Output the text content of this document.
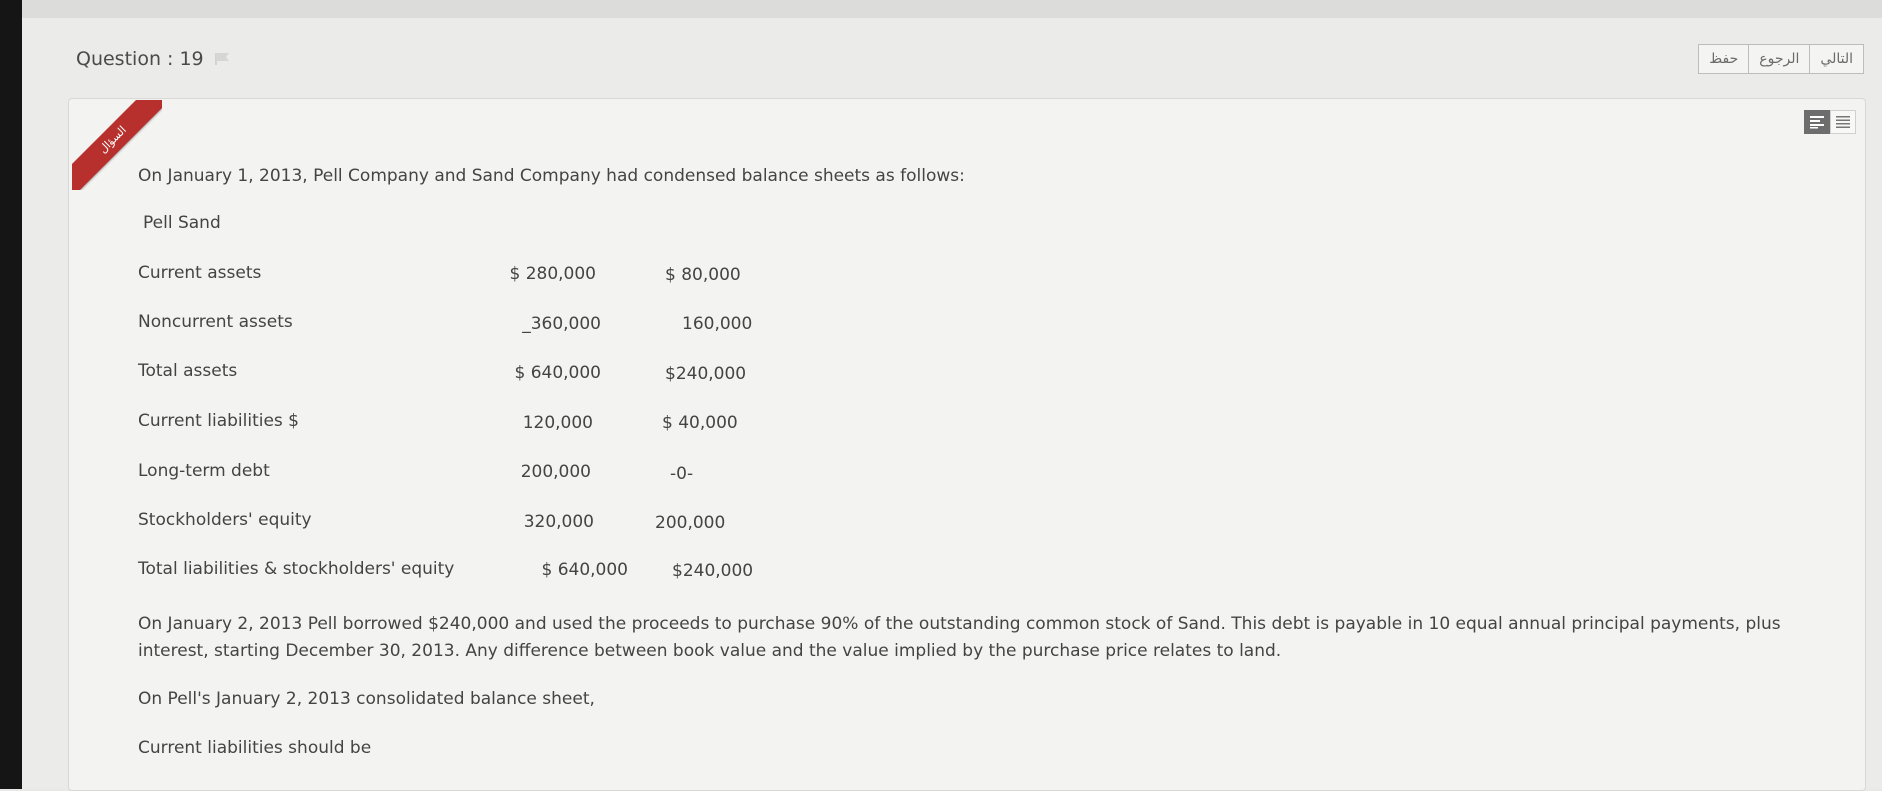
Question : 19	حفظ	الرجوع	التالي
السؤال
On January 1, 2013, Pell Company and Sand Company had condensed balance sheets as follows:
Pell Sand
Current assets	$ 280,000	$ 80,000
Noncurrent assets	_360,000	160,000
Total assets	$ 640,000	$240,000
Current liabilities $	120,000	$ 40,000
Long-term debt	200,000	-0-
Stockholders' equity	320,000	200,000
Total liabilities & stockholders' equity	$ 640,000	$240,000
On January 2, 2013 Pell borrowed $240,000 and used the proceeds to purchase 90% of the outstanding common stock of Sand. This debt is payable in 10 equal annual principal payments, plus
interest, starting December 30, 2013. Any difference between book value and the value implied by the purchase price relates to land.
On Pell's January 2, 2013 consolidated balance sheet,
Current liabilities should be
